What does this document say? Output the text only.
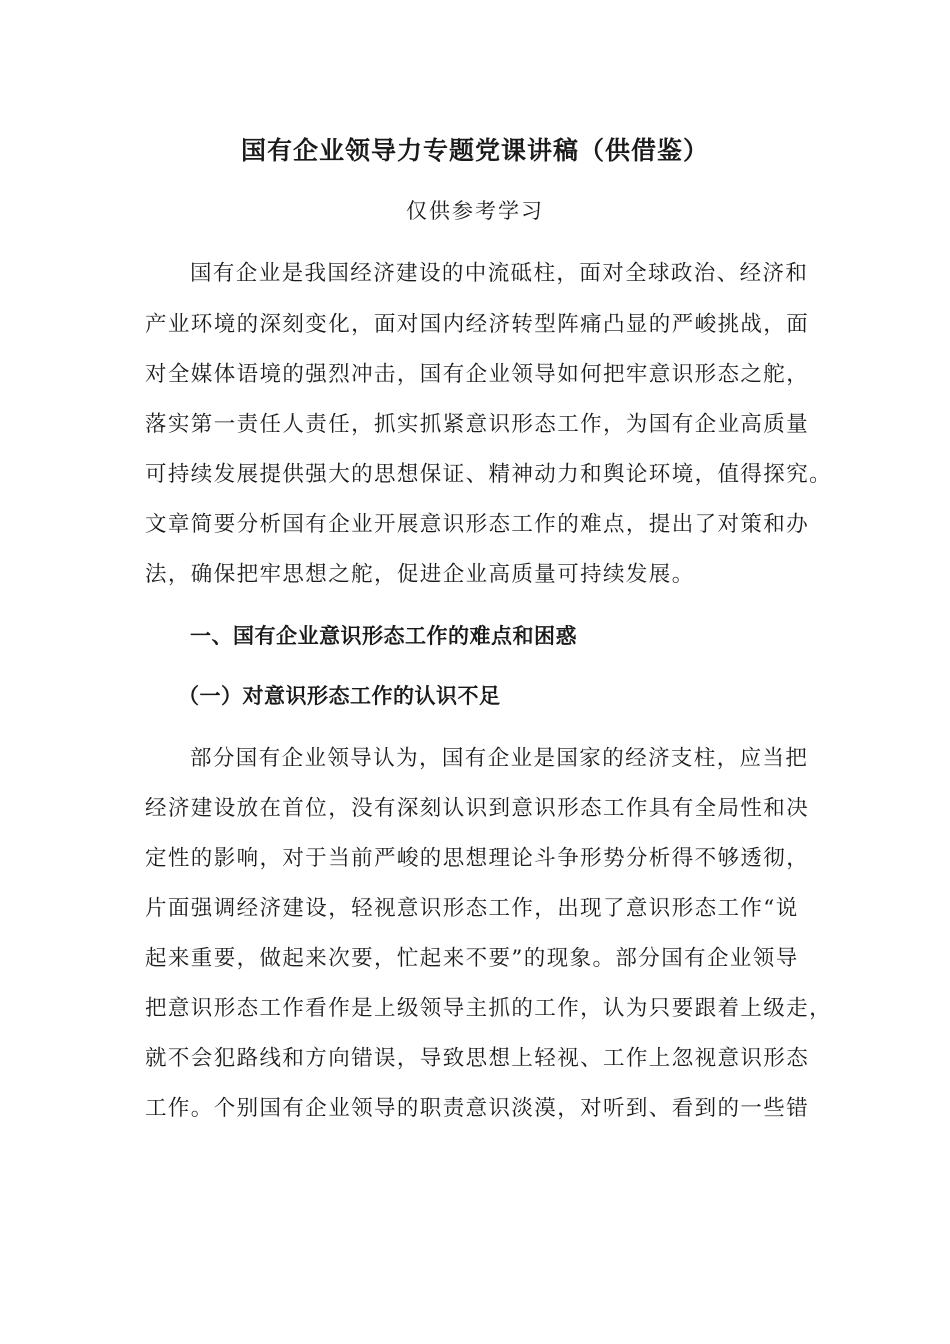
国有企业领导力专题党课讲稿（供借鉴）
仅供参考学习
国有企业是我国经济建设的中流砥柱，面对全球政治、经济和
产业环境的深刻变化，面对国内经济转型阵痛凸显的严峻挑战，面
对全媒体语境的强烈冲击，国有企业领导如何把牢意识形态之舵，
落实第一责任人责任，抓实抓紧意识形态工作，为国有企业高质量
可持续发展提供强大的思想保证、精神动力和舆论环境，值得探究。
文章简要分析国有企业开展意识形态工作的难点，提出了对策和办
法，确保把牢思想之舵，促进企业高质量可持续发展。
一、国有企业意识形态工作的难点和困惑
（一）对意识形态工作的认识不足
部分国有企业领导认为，国有企业是国家的经济支柱，应当把
经济建设放在首位，没有深刻认识到意识形态工作具有全局性和决
定性的影响，对于当前严峻的思想理论斗争形势分析得不够透彻，
片面强调经济建设，轻视意识形态工作，出现了意识形态工作“说
起来重要，做起来次要，忙起来不要”的现象。部分国有企业领导
把意识形态工作看作是上级领导主抓的工作，认为只要跟着上级走，
就不会犯路线和方向错误，导致思想上轻视、工作上忽视意识形态
工作。个别国有企业领导的职责意识淡漠，对听到、看到的一些错
